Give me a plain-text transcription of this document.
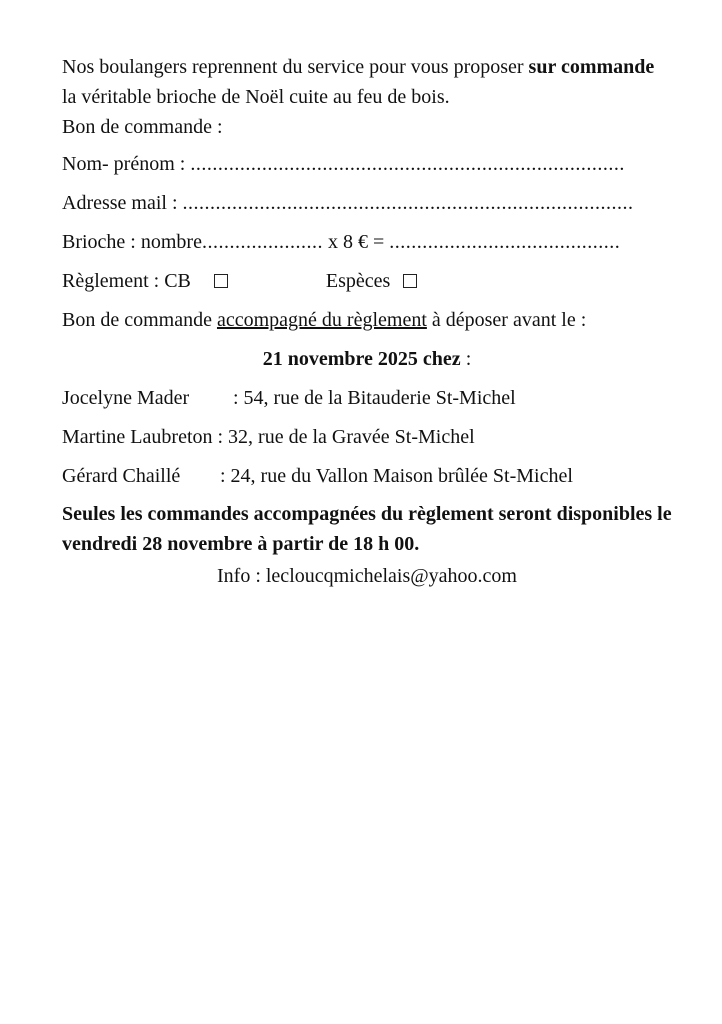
Nos boulangers reprennent du service pour vous proposer sur commande la véritable brioche de Noël cuite au feu de bois.
Bon de commande :
Nom- prénom : ...............................................................................
Adresse mail : ..................................................................................
Brioche : nombre...................... x 8 € = ..........................................
Règlement : CB	Espèces
Bon de commande accompagné du règlement à déposer avant le :
21 novembre 2025 chez :
Jocelyne Mader : 54, rue de la Bitauderie St-Michel
Martine Laubreton : 32, rue de la Gravée St-Michel
Gérard Chaillé : 24, rue du Vallon Maison brûlée St-Michel
Seules les commandes accompagnées du règlement seront disponibles le vendredi 28 novembre à partir de 18 h 00.
Info : lecloucqmichelais@yahoo.com
